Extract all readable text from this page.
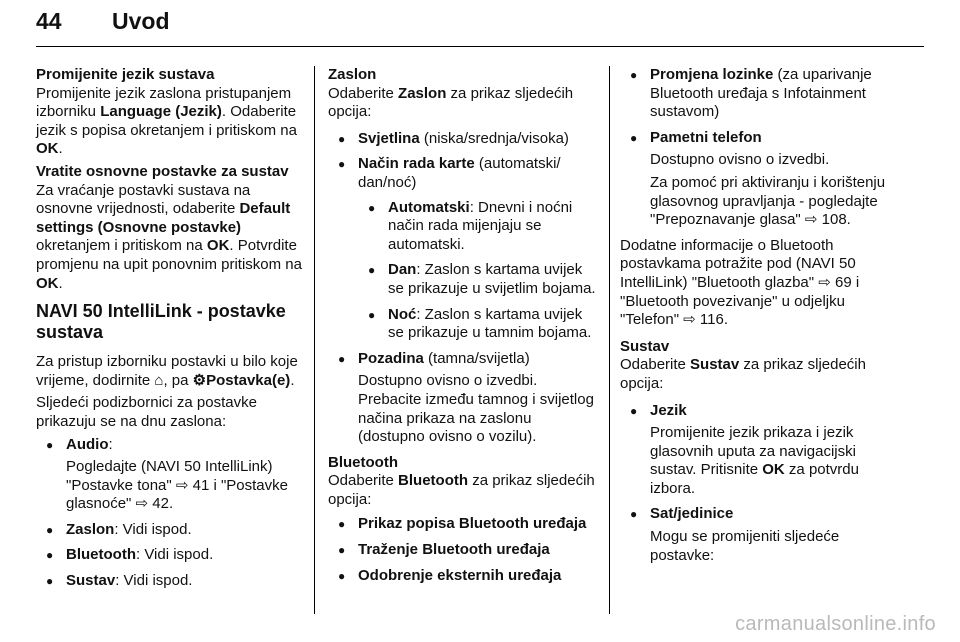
44 Uvod

Promijenite jezik sustava

Promijenite jezik zaslona pristupanjem izborniku Language (Jezik). Odaberite jezik s popisa okretanjem i pritiskom na OK.

Vratite osnovne postavke za sustav

Za vraćanje postavki sustava na osnovne vrijednosti, odaberite Default settings (Osnovne postavke) okretanjem i pritiskom na OK. Potvrdite promjenu na upit ponovnim pritiskom na OK.

NAVI 50 IntelliLink - postavke sustava

Za pristup izborniku postavki u bilo koje vrijeme, dodirnite ⌂, pa ⚙Postavka(e).

Sljedeći podizbornici za postavke prikazuju se na dnu zaslona:

● Audio:

Pogledajte (NAVI 50 IntelliLink) "Postavke tona" ⇨ 41 i "Postavke glasnoće" ⇨ 42.

● Zaslon: Vidi ispod.
● Bluetooth: Vidi ispod.
● Sustav: Vidi ispod.

Zaslon

Odaberite Zaslon za prikaz sljedećih opcija:

● Svjetlina (niska/srednja/visoka)
● Način rada karte (automatski/ dan/noć)
● Automatski: Dnevni i noćni način rada mijenjaju se automatski.
● Dan: Zaslon s kartama uvijek se prikazuje u svijetlim bojama.
● Noć: Zaslon s kartama uvijek se prikazuje u tamnim bojama.
● Pozadina (tamna/svijetla)

Dostupno ovisno o izvedbi. Prebacite između tamnog i svijetlog načina prikaza na zaslonu (dostupno ovisno o vozilu).

Bluetooth

Odaberite Bluetooth za prikaz sljedećih opcija:

● Prikaz popisa Bluetooth uređaja
● Traženje Bluetooth uređaja
● Odobrenje eksternih uređaja
● Promjena lozinke (za uparivanje Bluetooth uređaja s Infotainment sustavom)
● Pametni telefon

Dostupno ovisno o izvedbi.

Za pomoć pri aktiviranju i korištenju glasovnog upravljanja - pogledajte "Prepoznavanje glasa" ⇨ 108.

Dodatne informacije o Bluetooth postavkama potražite pod (NAVI 50 IntelliLink) "Bluetooth glazba" ⇨ 69 i "Bluetooth povezivanje" u odjeljku "Telefon" ⇨ 116.

Sustav

Odaberite Sustav za prikaz sljedećih opcija:

● Jezik

Promijenite jezik prikaza i jezik glasovnih uputa za navigacijski sustav. Pritisnite OK za potvrdu izbora.

● Sat/jedinice

Mogu se promijeniti sljedeće postavke:

carmanualsonline.info
